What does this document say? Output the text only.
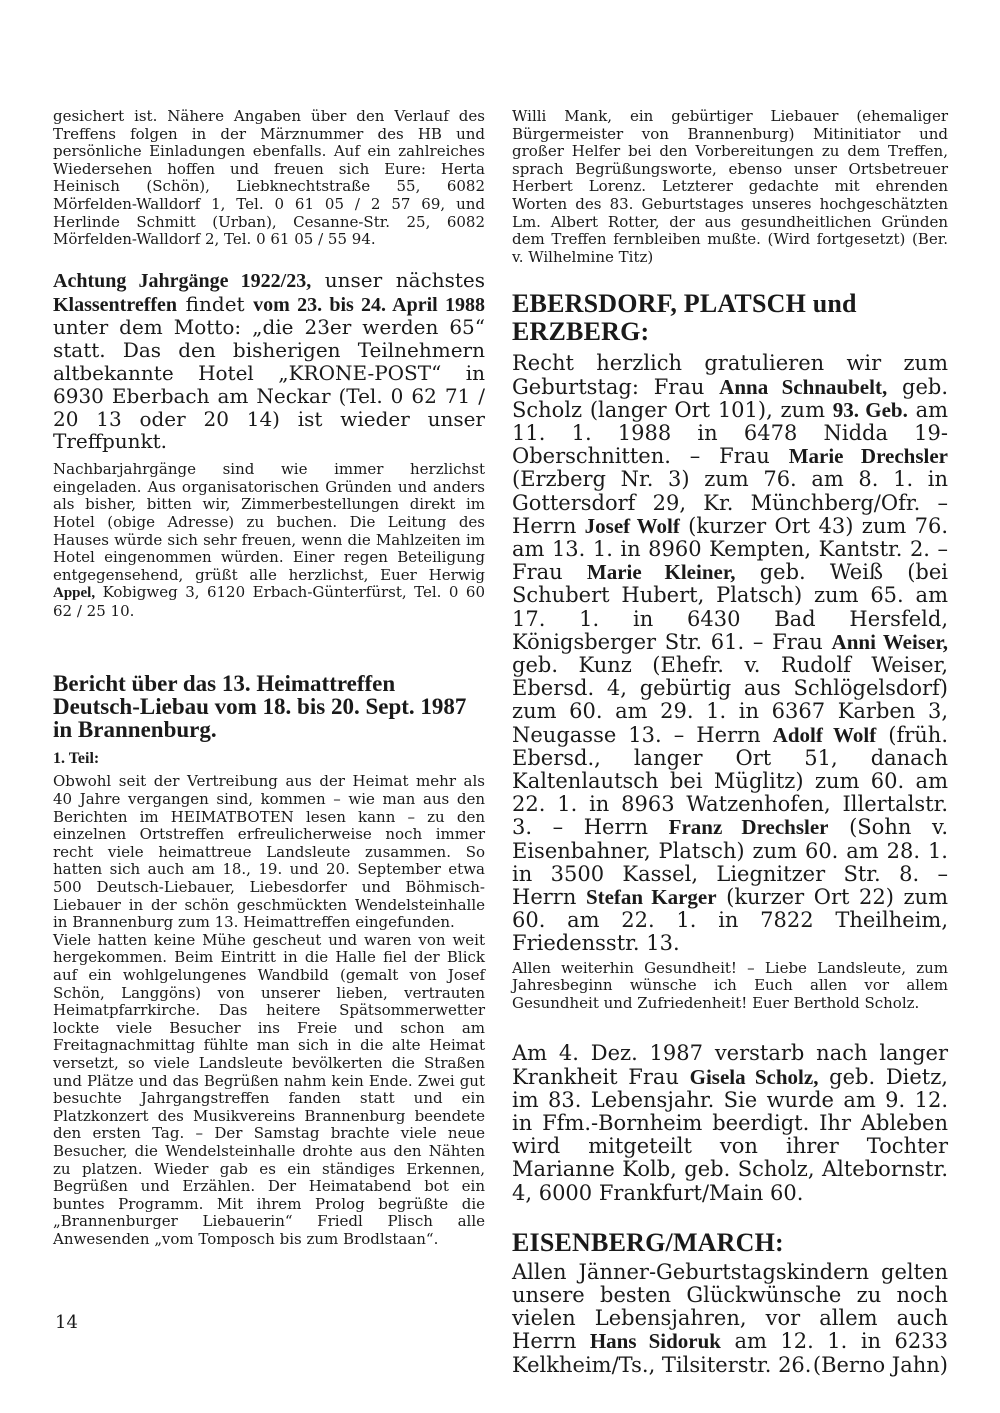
gesichert ist. Nähere Angaben über den Verlauf des Treffens folgen in der Märznummer des HB und persönliche Einladungen ebenfalls. Auf ein zahlreiches Wiedersehen hoffen und freuen sich Eure: Herta Heinisch (Schön), Liebknechtstraße 55, 6082 Mörfelden-Walldorf 1, Tel. 0 61 05 / 2 57 69, und Herlinde Schmitt (Urban), Cesanne-Str. 25, 6082 Mörfelden-Walldorf 2, Tel. 0 61 05 / 55 94.

Achtung Jahrgänge 1922/23, unser nächstes Klassentreffen findet vom 23. bis 24. April 1988 unter dem Motto: „die 23er werden 65“ statt. Das den bisherigen Teilnehmern altbekannte Hotel „KRONE-POST“ in 6930 Eberbach am Neckar (Tel. 0 62 71 / 20 13 oder 20 14) ist wieder unser Treffpunkt.

Nachbarjahrgänge sind wie immer herzlichst eingeladen. Aus organisatorischen Gründen und anders als bisher, bitten wir, Zimmerbestellungen direkt im Hotel (obige Adresse) zu buchen. Die Leitung des Hauses würde sich sehr freuen, wenn die Mahlzeiten im Hotel eingenommen würden. Einer regen Beteiligung entgegensehend, grüßt alle herzlichst, Euer Herwig Appel, Kobigweg 3, 6120 Erbach-Günterfürst, Tel. 0 60 62 / 25 10.

Bericht über das 13. Heimattreffen Deutsch-Liebau vom 18. bis 20. Sept. 1987 in Brannenburg.

1. Teil:

Obwohl seit der Vertreibung aus der Heimat mehr als 40 Jahre vergangen sind, kommen – wie man aus den Berichten im HEIMATBOTEN lesen kann – zu den einzelnen Ortstreffen erfreulicherweise noch immer recht viele heimattreue Landsleute zusammen. So hatten sich auch am 18., 19. und 20. September etwa 500 Deutsch-Liebauer, Liebesdorfer und Böhmisch-Liebauer in der schön geschmückten Wendelsteinhalle in Brannenburg zum 13. Heimattreffen eingefunden.

Viele hatten keine Mühe gescheut und waren von weit hergekommen. Beim Eintritt in die Halle fiel der Blick auf ein wohlgelungenes Wandbild (gemalt von Josef Schön, Langgöns) von unserer lieben, vertrauten Heimatpfarrkirche. Das heitere Spätsommerwetter lockte viele Besucher ins Freie und schon am Freitagnachmittag fühlte man sich in die alte Heimat versetzt, so viele Landsleute bevölkerten die Straßen und Plätze und das Begrüßen nahm kein Ende. Zwei gut besuchte Jahrgangstreffen fanden statt und ein Platzkonzert des Musikvereins Brannenburg beendete den ersten Tag. – Der Samstag brachte viele neue Besucher, die Wendelsteinhalle drohte aus den Nähten zu platzen. Wieder gab es ein ständiges Erkennen, Begrüßen und Erzählen. Der Heimatabend bot ein buntes Programm. Mit ihrem Prolog begrüßte die „Brannenburger Liebauerin“ Friedl Plisch alle Anwesenden „vom Tomposch bis zum Brodlstaan“.

Willi Mank, ein gebürtiger Liebauer (ehemaliger Bürgermeister von Brannenburg) Mitinitiator und großer Helfer bei den Vorbereitungen zu dem Treffen, sprach Begrüßungsworte, ebenso unser Ortsbetreuer Herbert Lorenz. Letzterer gedachte mit ehrenden Worten des 83. Geburtstages unseres hochgeschätzten Lm. Albert Rotter, der aus gesundheitlichen Gründen dem Treffen fernbleiben mußte. (Wird fortgesetzt) (Ber. v. Wilhelmine Titz)

EBERSDORF, PLATSCH und ERZBERG:

Recht herzlich gratulieren wir zum Geburtstag: Frau Anna Schnaubelt, geb. Scholz (langer Ort 101), zum 93. Geb. am 11. 1. 1988 in 6478 Nidda 19-Oberschnitten. – Frau Marie Drechsler (Erzberg Nr. 3) zum 76. am 8. 1. in Gottersdorf 29, Kr. Münchberg/Ofr. – Herrn Josef Wolf (kurzer Ort 43) zum 76. am 13. 1. in 8960 Kempten, Kantstr. 2. – Frau Marie Kleiner, geb. Weiß (bei Schubert Hubert, Platsch) zum 65. am 17. 1. in 6430 Bad Hersfeld, Königsberger Str. 61. – Frau Anni Weiser, geb. Kunz (Ehefr. v. Rudolf Weiser, Ebersd. 4, gebürtig aus Schlögelsdorf) zum 60. am 29. 1. in 6367 Karben 3, Neugasse 13. – Herrn Adolf Wolf (früh. Ebersd., langer Ort 51, danach Kaltenlautsch bei Müglitz) zum 60. am 22. 1. in 8963 Watzenhofen, Illertalstr. 3. – Herrn Franz Drechsler (Sohn v. Eisenbahner, Platsch) zum 60. am 28. 1. in 3500 Kassel, Liegnitzer Str. 8. – Herrn Stefan Karger (kurzer Ort 22) zum 60. am 22. 1. in 7822 Theilheim, Friedensstr. 13.

Allen weiterhin Gesundheit! – Liebe Landsleute, zum Jahresbeginn wünsche ich Euch allen vor allem Gesundheit und Zufriedenheit! Euer Berthold Scholz.

Am 4. Dez. 1987 verstarb nach langer Krankheit Frau Gisela Scholz, geb. Dietz, im 83. Lebensjahr. Sie wurde am 9. 12. in Ffm.-Bornheim beerdigt. Ihr Ableben wird mitgeteilt von ihrer Tochter Marianne Kolb, geb. Scholz, Altebornstr. 4, 6000 Frankfurt/Main 60.

EISENBERG/MARCH:

Allen Jänner-Geburtstagskindern gelten unsere besten Glückwünsche zu noch vielen Lebensjahren, vor allem auch Herrn Hans Sidoruk am 12. 1. in 6233 Kelkheim/Ts., Tilsiterstr. 26. (Berno Jahn)

14
